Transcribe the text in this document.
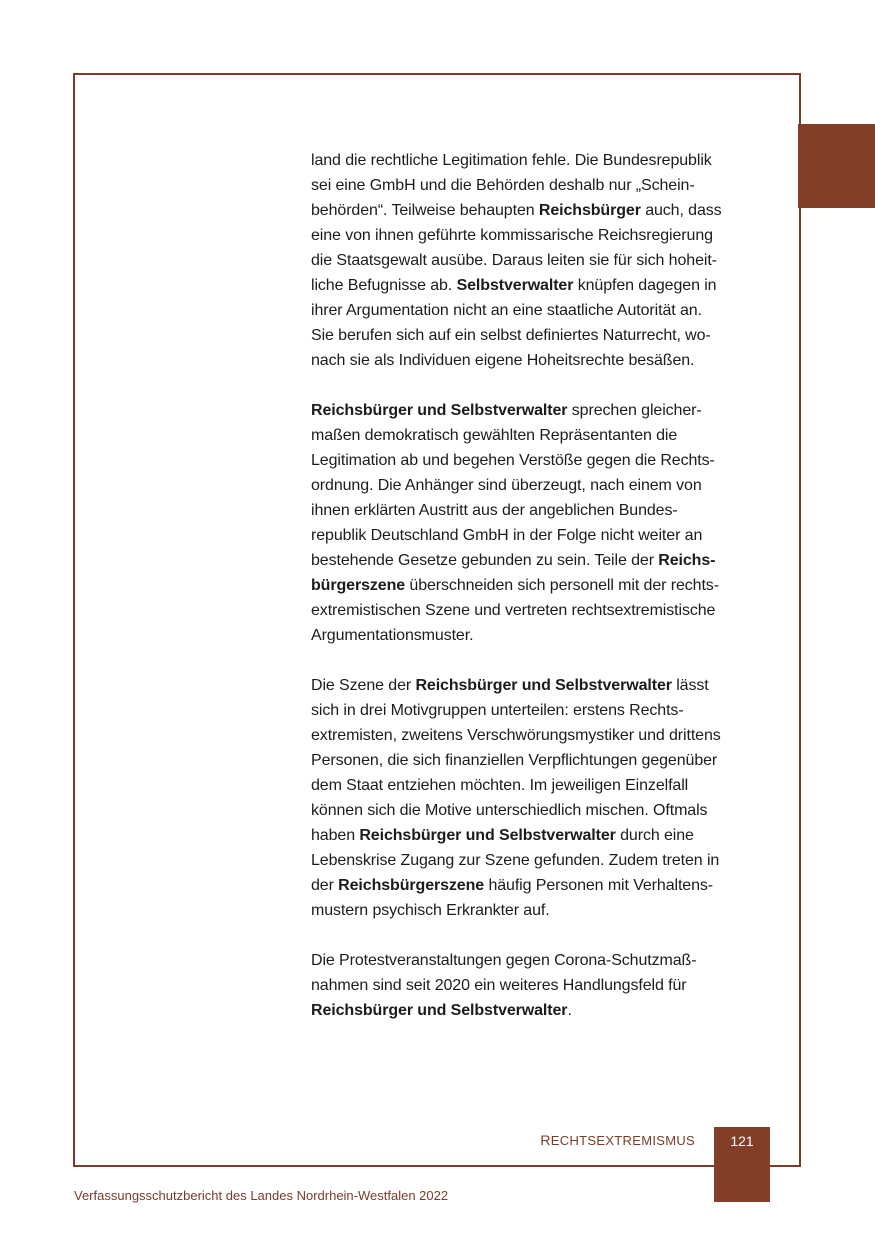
land die rechtliche Legitimation fehle. Die Bundesrepublik
sei eine GmbH und die Behörden deshalb nur „Schein-
behörden“. Teilweise behaupten Reichsbürger auch, dass
eine von ihnen geführte kommissarische Reichsregierung
die Staatsgewalt ausübe. Daraus leiten sie für sich hoheit-
liche Befugnisse ab. Selbstverwalter knüpfen dagegen in
ihrer Argumentation nicht an eine staatliche Autorität an.
Sie berufen sich auf ein selbst definiertes Naturrecht, wo-
nach sie als Individuen eigene Hoheitsrechte besäßen.

Reichsbürger und Selbstverwalter sprechen gleicher-
maßen demokratisch gewählten Repräsentanten die
Legitimation ab und begehen Verstöße gegen die Rechts-
ordnung. Die Anhänger sind überzeugt, nach einem von
ihnen erklärten Austritt aus der angeblichen Bundes-
republik Deutschland GmbH in der Folge nicht weiter an
bestehende Gesetze gebunden zu sein. Teile der Reichs-
bürgerszene überschneiden sich personell mit der rechts-
extremistischen Szene und vertreten rechtsextremistische
Argumentationsmuster.

Die Szene der Reichsbürger und Selbstverwalter lässt
sich in drei Motivgruppen unterteilen: erstens Rechts-
extremisten, zweitens Verschwörungsmystiker und drittens
Personen, die sich finanziellen Verpflichtungen gegenüber
dem Staat entziehen möchten. Im jeweiligen Einzelfall
können sich die Motive unterschiedlich mischen. Oftmals
haben Reichsbürger und Selbstverwalter durch eine
Lebenskrise Zugang zur Szene gefunden. Zudem treten in
der Reichsbürgerszene häufig Personen mit Verhaltens-
mustern psychisch Erkrankter auf.

Die Protestveranstaltungen gegen Corona-Schutzmaß-
nahmen sind seit 2020 ein weiteres Handlungsfeld für
Reichsbürger und Selbstverwalter.

RECHTSEXTREMISMUS	121
Verfassungsschutzbericht des Landes Nordrhein-Westfalen 2022
